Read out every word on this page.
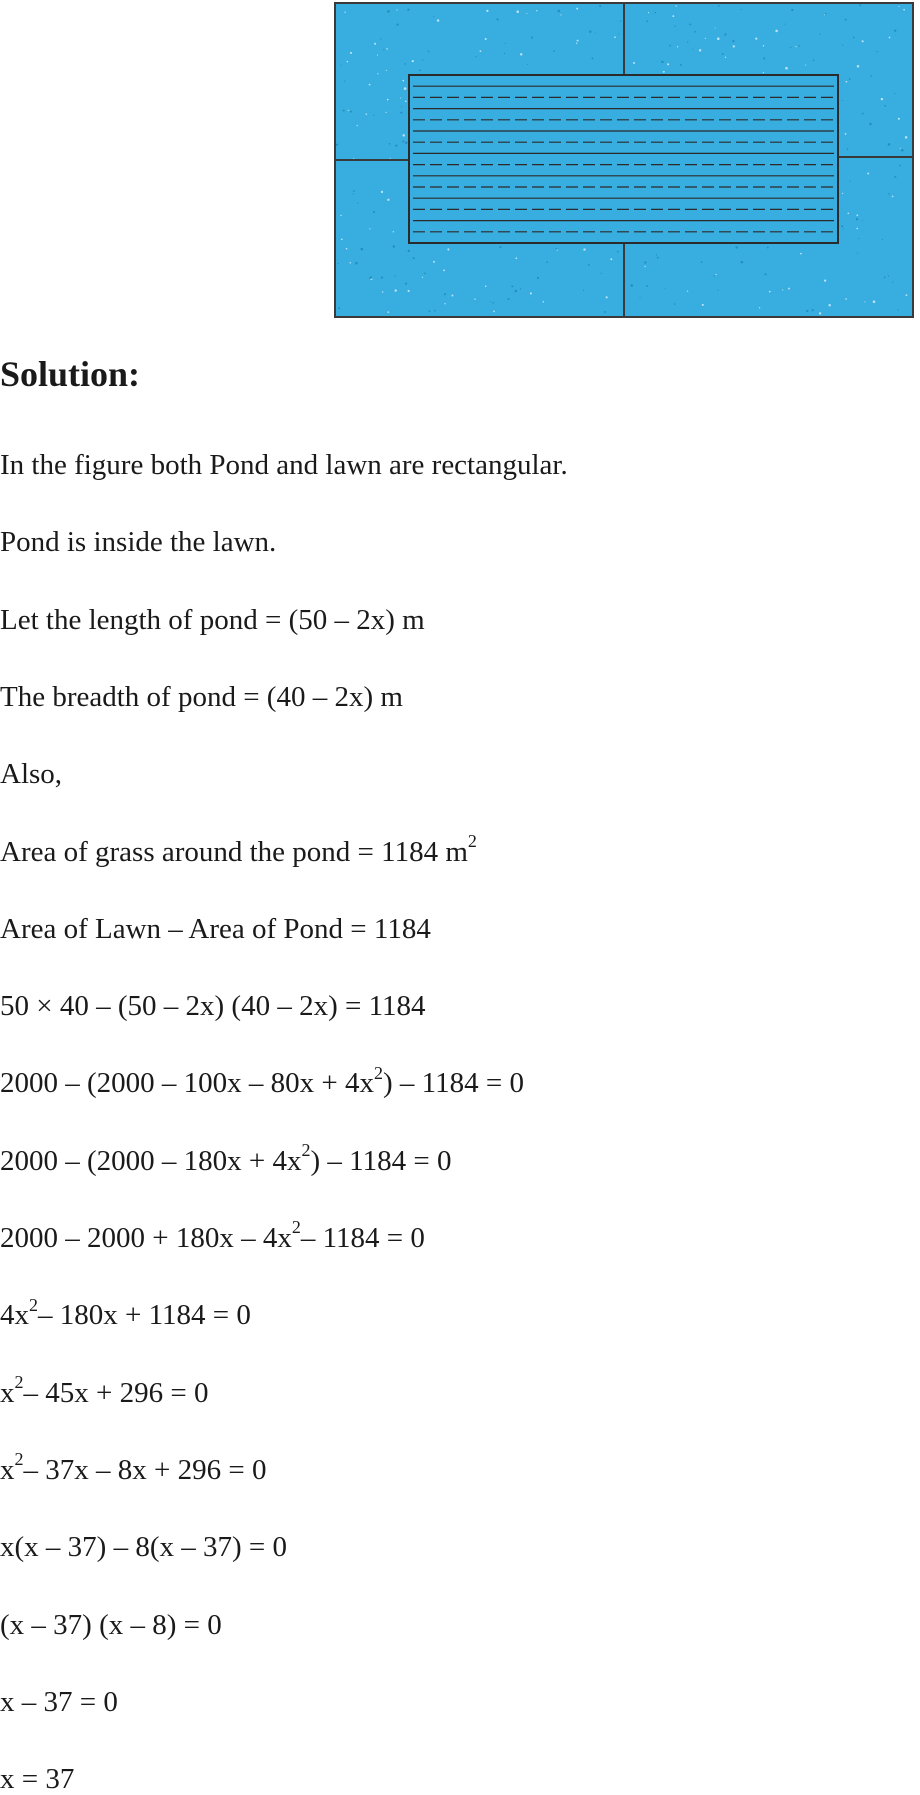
Solution:
In the figure both Pond and lawn are rectangular.
Pond is inside the lawn.
Let the length of pond = (50 – 2x) m
The breadth of pond = (40 – 2x) m
Also,
Area of grass around the pond = 1184 $m^2$
Area of Lawn – Area of Pond = 1184
50 × 40 – (50 – 2x) (40 – 2x) = 1184
$2000 - (2000 - 100x - 80x + 4x^2) - 1184 = 0$
$2000 - (2000 - 180x + 4x^2) - 1184 = 0$
$2000 - 2000 + 180x - 4x^2-$ 1184 = 0
$4x^2-$ 180x + 1184 = 0
$x^2-$ 45x + 296 = 0
$x^2-$ 37x – 8x + 296 = 0
x(x – 37) – 8(x – 37) = 0
(x – 37) (x – 8) = 0
x – 37 = 0
x = 37
